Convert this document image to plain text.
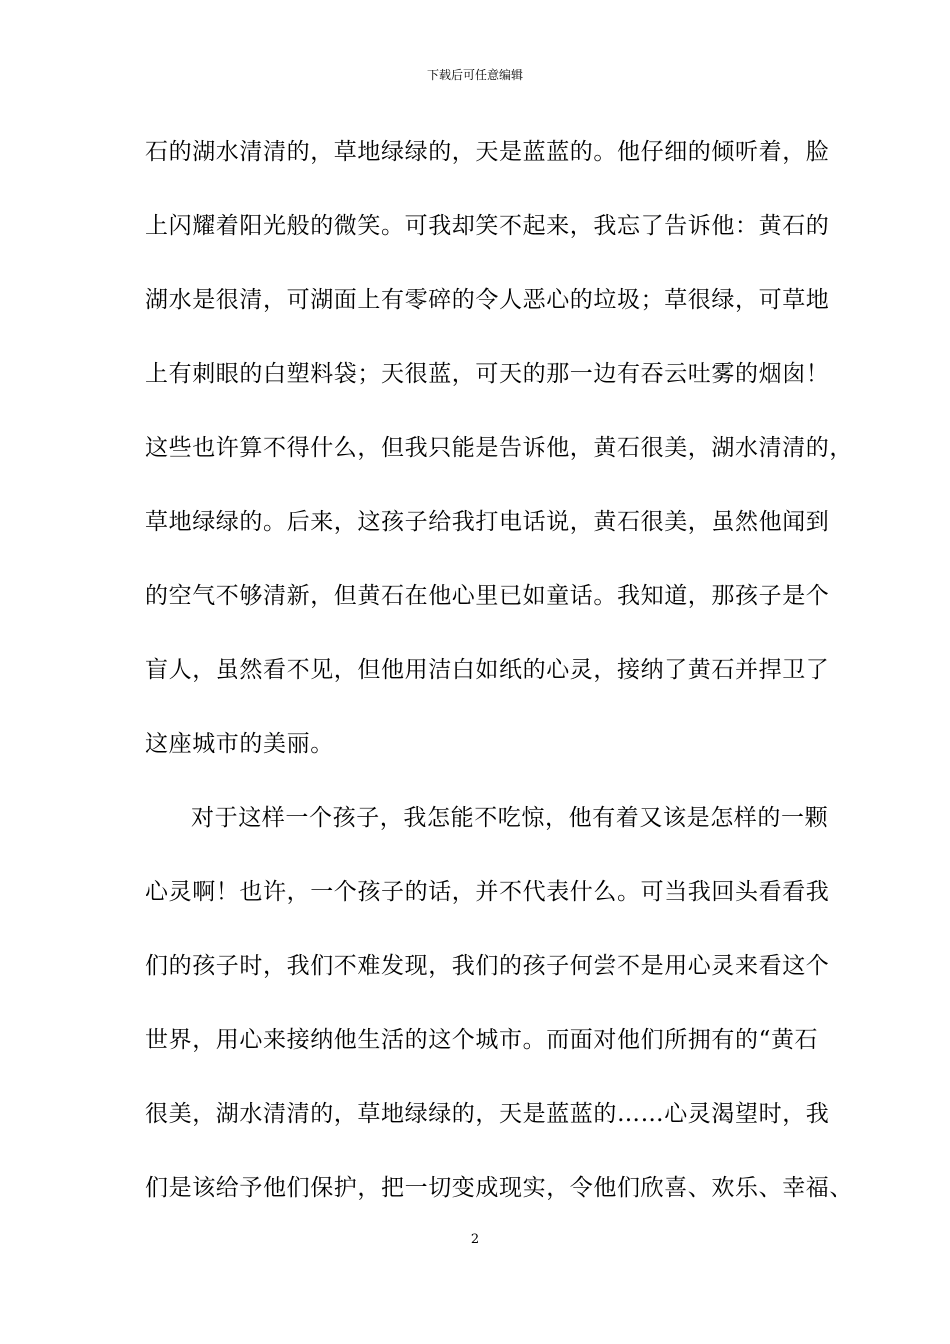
下载后可任意编辑
石的湖水清清的，草地绿绿的，天是蓝蓝的。他仔细的倾听着，脸
上闪耀着阳光般的微笑。可我却笑不起来，我忘了告诉他：黄石的
湖水是很清，可湖面上有零碎的令人恶心的垃圾；草很绿，可草地
上有刺眼的白塑料袋；天很蓝，可天的那一边有吞云吐雾的烟囱！
这些也许算不得什么，但我只能是告诉他，黄石很美，湖水清清的，
草地绿绿的。后来，这孩子给我打电话说，黄石很美，虽然他闻到
的空气不够清新，但黄石在他心里已如童话。我知道，那孩子是个
盲人，虽然看不见，但他用洁白如纸的心灵，接纳了黄石并捍卫了
这座城市的美丽。
对于这样一个孩子，我怎能不吃惊，他有着又该是怎样的一颗
心灵啊！也许，一个孩子的话，并不代表什么。可当我回头看看我
们的孩子时，我们不难发现，我们的孩子何尝不是用心灵来看这个
世界，用心来接纳他生活的这个城市。而面对他们所拥有的“黄石
很美，湖水清清的，草地绿绿的，天是蓝蓝的……心灵渴望时，我
们是该给予他们保护，把一切变成现实，令他们欣喜、欢乐、幸福、
2
